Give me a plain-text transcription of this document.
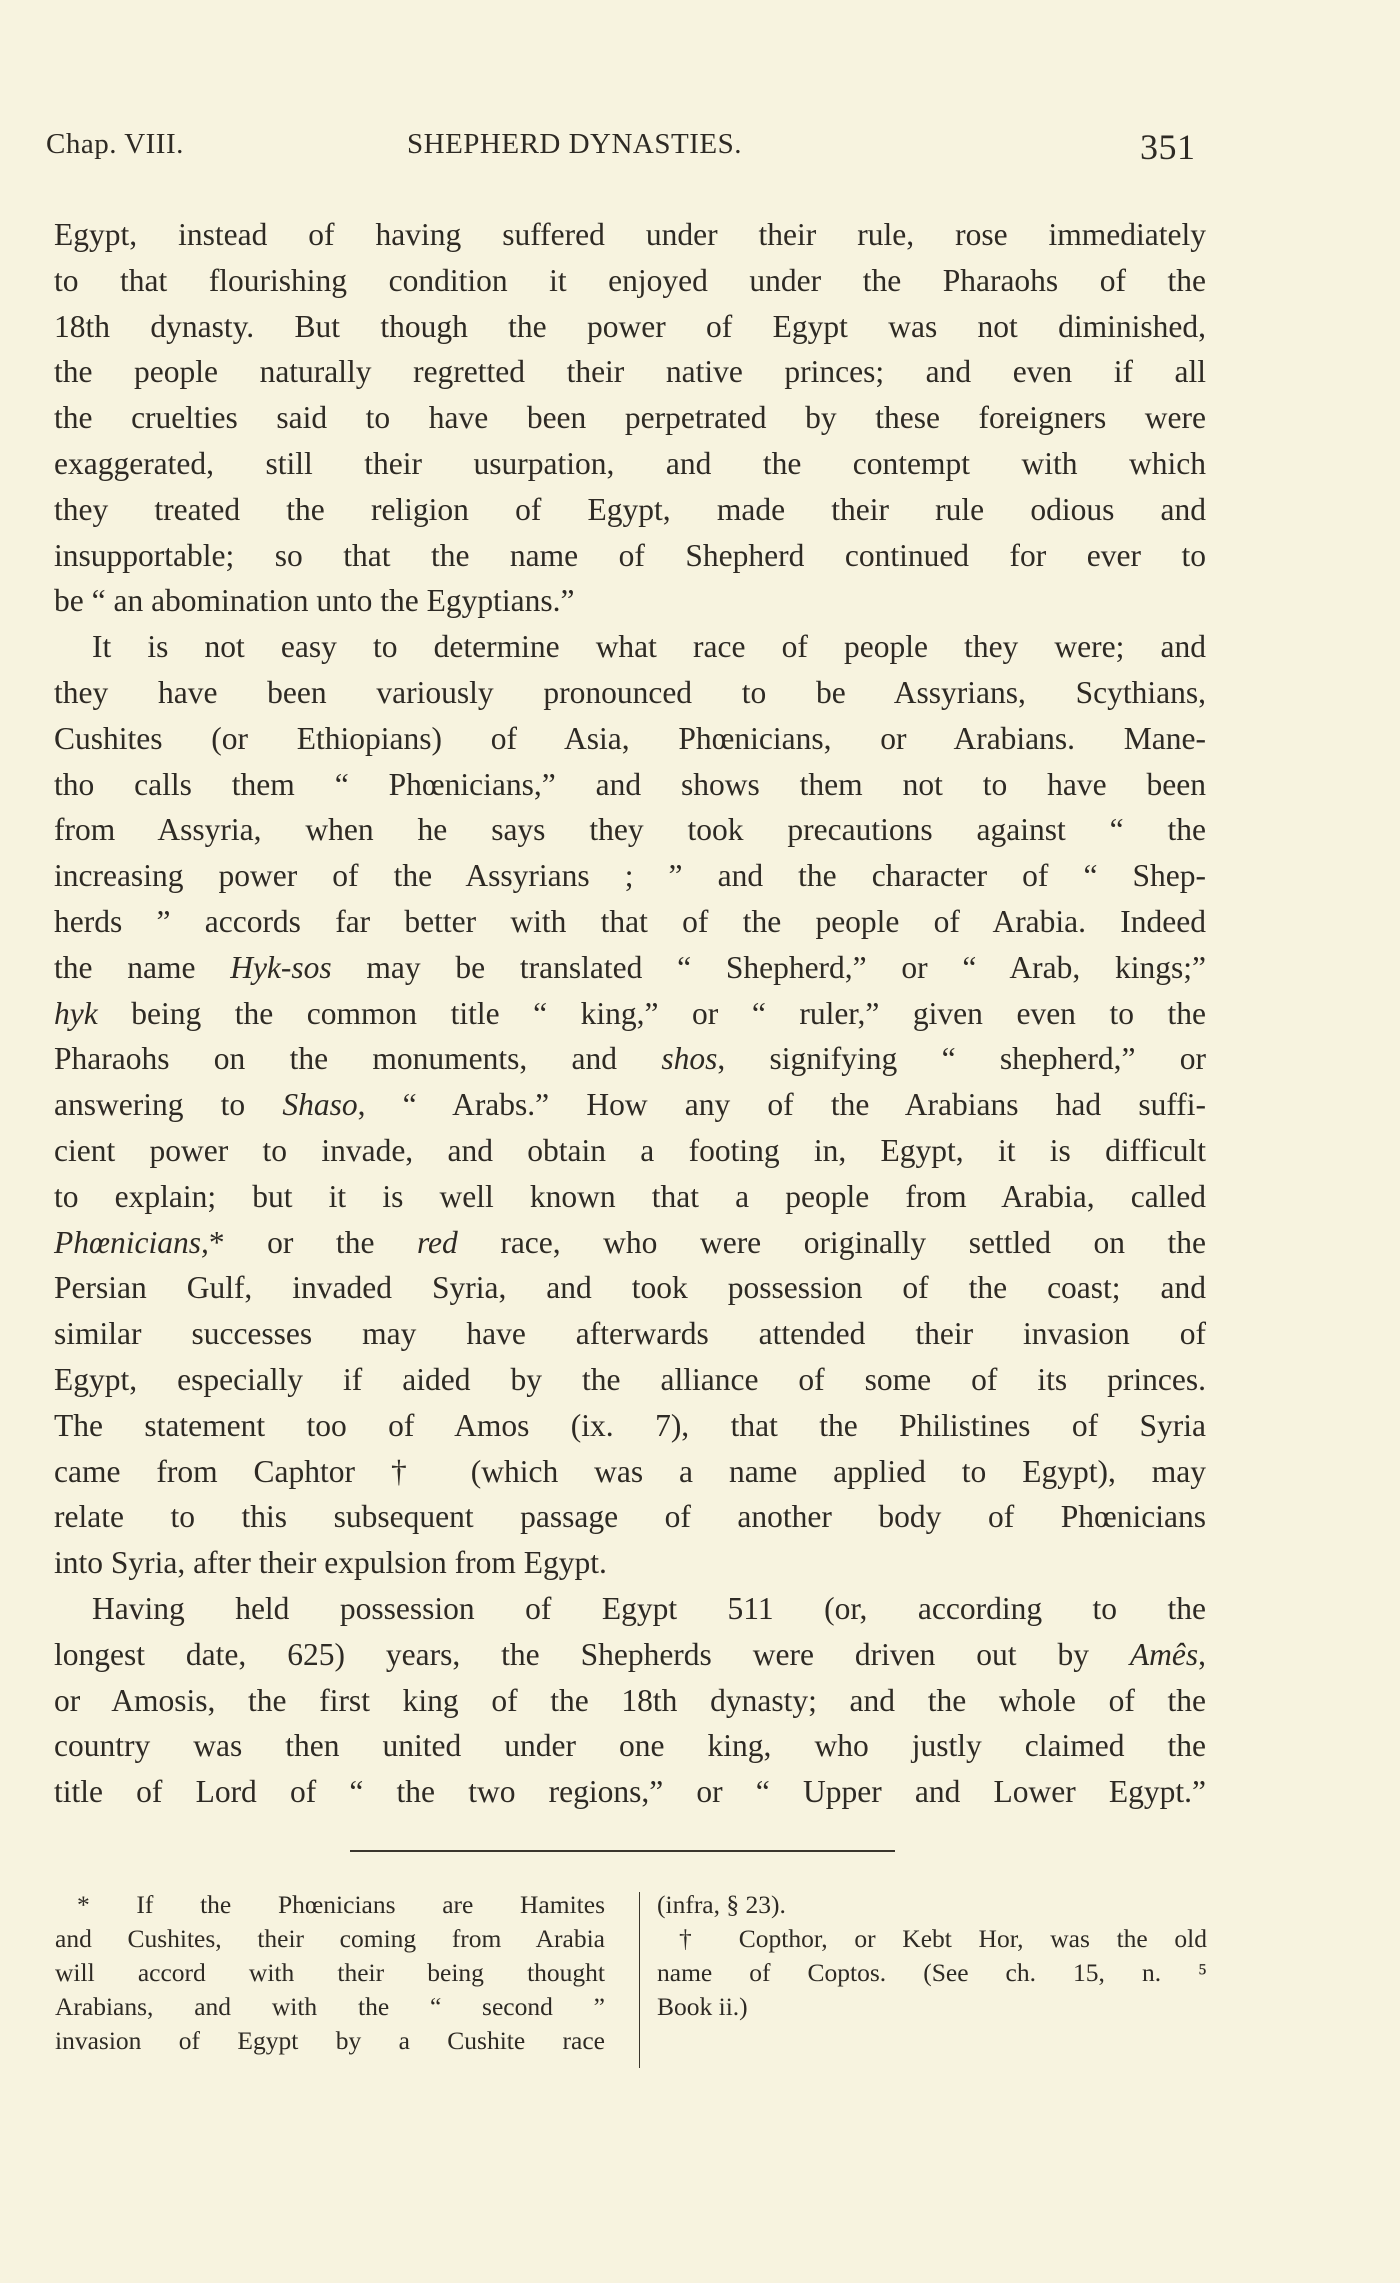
Chap. VIII.	SHEPHERD DYNASTIES.	351
Egypt, instead of having suffered under their rule, rose immediately
to that flourishing condition it enjoyed under the Pharaohs of the
18th dynasty. But though the power of Egypt was not diminished,
the people naturally regretted their native princes; and even if all
the cruelties said to have been perpetrated by these foreigners were
exaggerated, still their usurpation, and the contempt with which
they treated the religion of Egypt, made their rule odious and
insupportable; so that the name of Shepherd continued for ever to
be “ an abomination unto the Egyptians.”
It is not easy to determine what race of people they were; and
they have been variously pronounced to be Assyrians, Scythians,
Cushites (or Ethiopians) of Asia, Phœnicians, or Arabians. Mane-
tho calls them “ Phœnicians,” and shows them not to have been
from Assyria, when he says they took precautions against “ the
increasing power of the Assyrians ; ” and the character of “ Shep-
herds ” accords far better with that of the people of Arabia. Indeed
the name Hyk-sos may be translated “ Shepherd,” or “ Arab, kings;”
hyk being the common title “ king,” or “ ruler,” given even to the
Pharaohs on the monuments, and shos, signifying “ shepherd,” or
answering to Shaso, “ Arabs.” How any of the Arabians had suffi-
cient power to invade, and obtain a footing in, Egypt, it is difficult
to explain; but it is well known that a people from Arabia, called
Phœnicians,* or the red race, who were originally settled on the
Persian Gulf, invaded Syria, and took possession of the coast; and
similar successes may have afterwards attended their invasion of
Egypt, especially if aided by the alliance of some of its princes.
The statement too of Amos (ix. 7), that the Philistines of Syria
came from Caphtor † (which was a name applied to Egypt), may
relate to this subsequent passage of another body of Phœnicians
into Syria, after their expulsion from Egypt.
Having held possession of Egypt 511 (or, according to the
longest date, 625) years, the Shepherds were driven out by Amês,
or Amosis, the first king of the 18th dynasty; and the whole of the
country was then united under one king, who justly claimed the
title of Lord of “ the two regions,” or “ Upper and Lower Egypt.”
* If the Phœnicians are Hamites
and Cushites, their coming from Arabia
will accord with their being thought
Arabians, and with the “ second ”
invasion of Egypt by a Cushite race
(infra, § 23).
† Copthor, or Kebt Hor, was the old
name of Coptos. (See ch. 15, n. ⁵
Book ii.)
